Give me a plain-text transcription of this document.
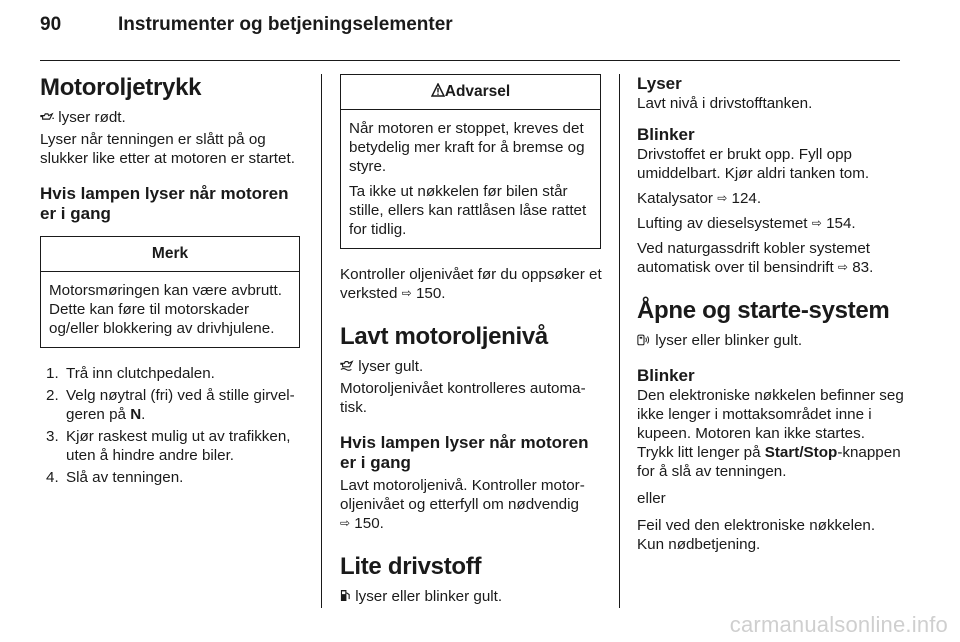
90	Instrumenter og betjeningselementer
Motoroljetrykk

lyser rødt.

Lyser når tenningen er slått på og slukker like etter at motoren er startet.

Hvis lampen lyser når motoren er i gang
Merk

Motorsmøringen kan være avbrutt. Dette kan føre til motorskader og/eller blokkering av drivhjulene.

1. Trå inn clutchpedalen.
2. Velg nøytral (fri) ved å stille girvelgeren på N.
3. Kjør raskest mulig ut av trafikken, uten å hindre andre biler.
4. Slå av tenningen.
Advarsel

Når motoren er stoppet, kreves det betydelig mer kraft for å bremse og styre.

Ta ikke ut nøkkelen før bilen står stille, ellers kan rattlåsen låse rattet for tidlig.

Kontroller oljenivået før du oppsøker et verksted ⇨ 150.

Lavt motoroljenivå

lyser gult.

Motoroljenivået kontrolleres automatisk.

Hvis lampen lyser når motoren er i gang

Lavt motoroljenivå. Kontroller motoroljenivået og etterfyll om nødvendig
⇨ 150.

Lite drivstoff

lyser eller blinker gult.

Lyser

Lavt nivå i drivstofftanken.

Blinker

Drivstoffet er brukt opp. Fyll opp umiddelbart. Kjør aldri tanken tom.

Katalysator ⇨ 124.

Lufting av dieselsystemet ⇨ 154.

Ved naturgassdrift kobler systemet automatisk over til bensindrift ⇨ 83.

Åpne og starte-system

lyser eller blinker gult.

Blinker

Den elektroniske nøkkelen befinner seg ikke lenger i mottaksområdet inne i kupeen. Motoren kan ikke startes. Trykk litt lenger på Start/Stop-knappen for å slå av tenningen.

eller

Feil ved den elektroniske nøkkelen. Kun nødbetjening.

carmanualsonline.info
